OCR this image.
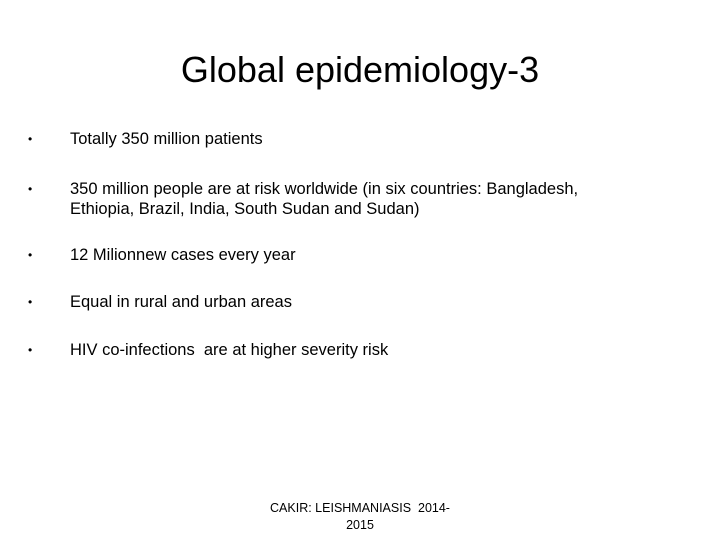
Global epidemiology-3
•	Totally 350 million patients
•	350 million people are at risk worldwide (in six countries: Bangladesh,
Ethiopia, Brazil, India, South Sudan and Sudan)
•	12 Milionnew cases every year
•	Equal in rural and urban areas
•	HIV co-infections  are at higher severity risk
CAKIR: LEISHMANIASIS  2014-
2015
